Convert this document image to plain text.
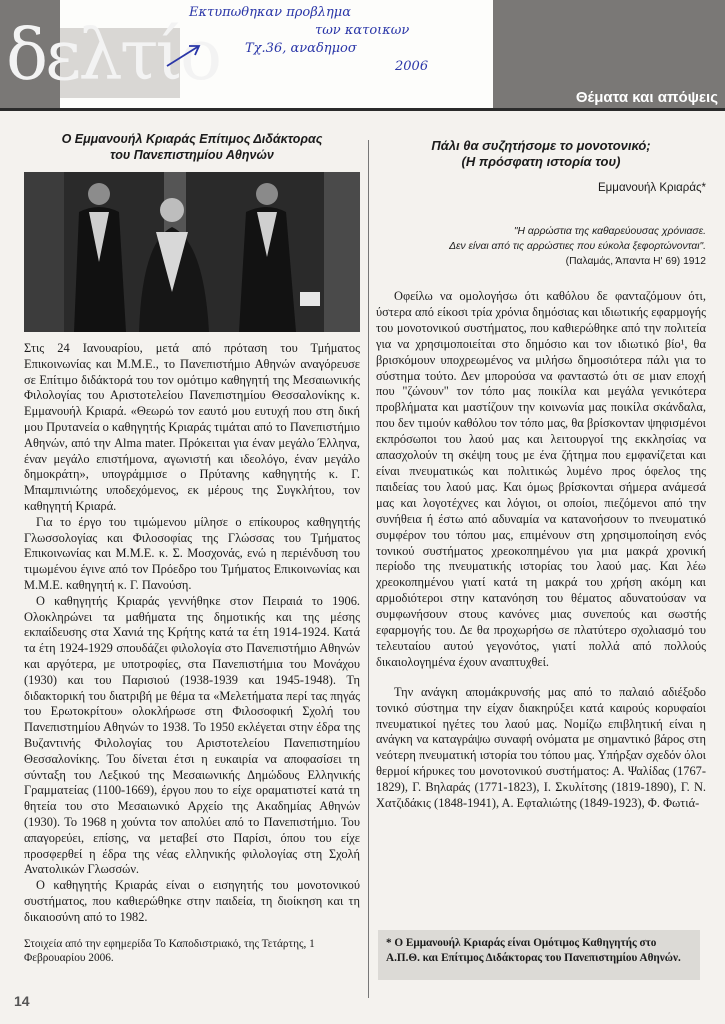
δελτίο
Εκτυπωθηκαν προβλημα
των κατοικων
Τχ.36, αναδημοσ
2006
Θέματα και απόψεις
Ο Εμμανουήλ Κριαράς Επίτιμος Διδάκτορας
του Πανεπιστημίου Αθηνών

Στις 24 Ιανουαρίου, μετά από πρόταση του Τμήματος Επικοινωνίας και Μ.Μ.Ε., το Πανεπιστήμιο Αθηνών αναγόρευσε σε Επίτιμο διδάκτορά του τον ομότιμο καθηγητή της Μεσαιωνικής Φιλολογίας του Αριστοτελείου Πανεπιστημίου Θεσσαλονίκης κ. Εμμανουήλ Κριαρά. «Θεωρώ τον εαυτό μου ευτυχή που στη δική μου Πρυτανεία ο καθηγητής Κριαράς τιμάται από το Πανεπιστήμιο Αθηνών, από την Alma mater. Πρόκειται για έναν μεγάλο Έλληνα, έναν μεγάλο επιστήμονα, αγωνιστή και ιδεολόγο, έναν μεγάλο δημοκράτη», υπογράμμισε ο Πρύτανης καθηγητής κ. Γ. Μπαμπινιώτης υποδεχόμενος, εκ μέρους της Συγκλήτου, τον καθηγητή Κριαρά.

Για το έργο του τιμώμενου μίλησε ο επίκουρος καθηγητής Γλωσσολογίας και Φιλοσοφίας της Γλώσσας του Τμήματος Επικοινωνίας και Μ.Μ.Ε. κ. Σ. Μοσχονάς, ενώ η περιένδυση του τιμωμένου έγινε από τον Πρόεδρο του Τμήματος Επικοινωνίας και Μ.Μ.Ε. καθηγητή κ. Γ. Πανούση.

Ο καθηγητής Κριαράς γεννήθηκε στον Πειραιά το 1906. Ολοκληρώνει τα μαθήματα της δημοτικής και της μέσης εκπαίδευσης στα Χανιά της Κρήτης κατά τα έτη 1914-1924. Κατά τα έτη 1924-1929 σπουδάζει φιλολογία στο Πανεπιστήμιο Αθηνών και αργότερα, με υποτροφίες, στα Πανεπιστήμια του Μονάχου (1930) και του Παρισιού (1938-1939 και 1945-1948). Τη διδακτορική του διατριβή με θέμα τα «Μελετήματα περί τας πηγάς του Ερωτοκρίτου» ολοκλήρωσε στη Φιλοσοφική Σχολή του Πανεπιστημίου Αθηνών το 1938. Το 1950 εκλέγεται στην έδρα της Βυζαντινής Φιλολογίας του Αριστοτελείου Πανεπιστημίου Θεσσαλονίκης. Του δίνεται έτσι η ευκαιρία να αποφασίσει τη σύνταξη του Λεξικού της Μεσαιωνικής Δημώδους Ελληνικής Γραμματείας (1100-1669), έργου που το είχε οραματιστεί κατά τη θητεία του στο Μεσαιωνικό Αρχείο της Ακαδημίας Αθηνών (1930). Το 1968 η χούντα τον απολύει από το Πανεπιστήμιο. Του απαγορεύει, επίσης, να μεταβεί στο Παρίσι, όπου του είχε προσφερθεί η έδρα της νέας ελληνικής φιλολογίας στη Σχολή Ανατολικών Γλωσσών.

Ο καθηγητής Κριαράς είναι ο εισηγητής του μονοτονικού συστήματος, που καθιερώθηκε στην παιδεία, τη διοίκηση και τη δικαιοσύνη από το 1982.

Στοιχεία από την εφημερίδα Το Καποδιστριακό, της Τετάρτης, 1 Φεβρουαρίου 2006.
Πάλι θα συζητήσομε το μονοτονικό;
(Η πρόσφατη ιστορία του)
Εμμανουήλ Κριαράς*
"Η αρρώστια της καθαρεύουσας χρόνιασε.
Δεν είναι από τις αρρώστιες που εύκολα ξεφορτώνονται".
(Παλαμάς, Άπαντα Η' 69) 1912

Οφείλω να ομολογήσω ότι καθόλου δε φανταζόμουν ότι, ύστερα από είκοσι τρία χρόνια δημόσιας και ιδιωτικής εφαρμογής του μονοτονικού συστήματος, που καθιερώθηκε από την πολιτεία για να χρησιμοποιείται στο δημόσιο και τον ιδιωτικό βίο¹, θα βρισκόμουν υποχρεωμένος να μιλήσω δημοσιότερα πάλι για το σύστημα τούτο. Δεν μπορούσα να φανταστώ ότι σε μιαν εποχή που "ζώνουν" τον τόπο μας ποικίλα και μεγάλα γενικότερα προβλήματα και μαστίζουν την κοινωνία μας ποικίλα σκάνδαλα, που δεν τιμούν καθόλου τον τόπο μας, θα βρίσκονταν ψηφισμένοι εκπρόσωποι του λαού μας και λειτουργοί της εκκλησίας να απασχολούν τη σκέψη τους με ένα ζήτημα που εμφανίζεται και είναι πνευματικώς και πολιτικώς λυμένο προς όφελος της παιδείας του λαού μας. Και όμως βρίσκονται σήμερα ανάμεσά μας και λογοτέχνες και λόγιοι, οι οποίοι, πιεζόμενοι από την συνήθεια ή έστω από αδυναμία να κατανοήσουν το πνευματικό συμφέρον του τόπου μας, επιμένουν στη χρησιμοποίηση ενός τονικού συστήματος χρεοκοπημένου για μια μακρά χρονική περίοδο της πνευματικής ιστορίας του λαού μας. Και λέω χρεοκοπημένου γιατί κατά τη μακρά του χρήση ακόμη και αρμοδιότεροι στην κατανόηση του θέματος αδυνατούσαν να συμφωνήσουν στους κανόνες μιας συνεπούς και σωστής εφαρμογής του. Δε θα προχωρήσω σε πλατύτερο σχολιασμό του τελευταίου αυτού γεγονότος, γιατί πολλά από πολλούς δικαιολογημένα έχουν αναπτυχθεί.

Την ανάγκη απομάκρυνσής μας από το παλαιό αδιέξοδο τονικό σύστημα την είχαν διακηρύξει κατά καιρούς κορυφαίοι πνευματικοί ηγέτες του λαού μας. Νομίζω επιβλητική είναι η ανάγκη να καταγράψω συναφή ονόματα με σημαντικό βάρος στη νεότερη πνευματική ιστορία του τόπου μας. Υπήρξαν σχεδόν όλοι θερμοί κήρυκες του μονοτονικού συστήματος: Α. Ψαλίδας (1767-1829), Γ. Βηλαράς (1771-1823), Ι. Σκυλίτσης (1819-1890), Γ. Ν. Χατζιδάκις (1848-1941), Α. Εφταλιώτης (1849-1923), Φ. Φωτιά-

* Ο Εμμανουήλ Κριαράς είναι Ομότιμος Καθηγητής στο Α.Π.Θ. και Επίτιμος Διδάκτορας του Πανεπιστημίου Αθηνών.
14
